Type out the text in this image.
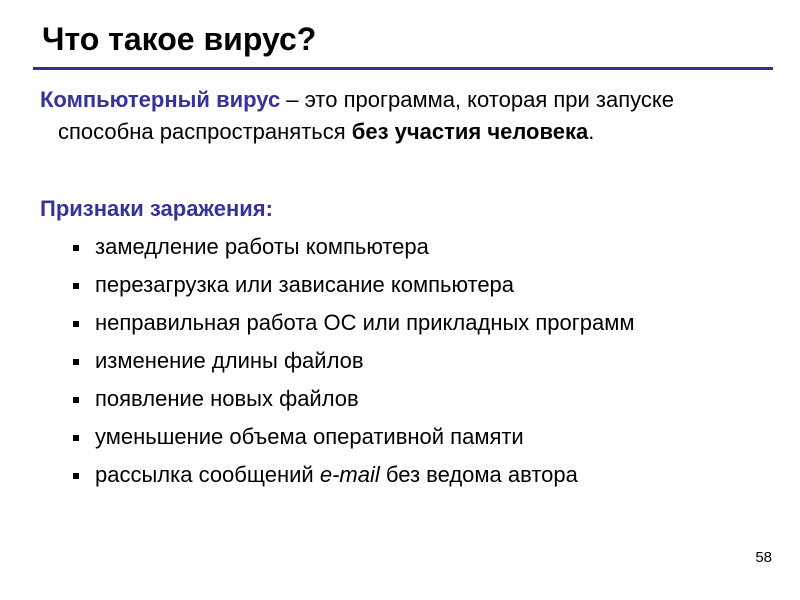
Что такое вирус?
Компьютерный вирус – это программа, которая при запуске способна распространяться без участия человека.
Признаки заражения:
замедление работы компьютера
перезагрузка или зависание компьютера
неправильная работа ОС или прикладных программ
изменение длины файлов
появление новых файлов
уменьшение объема оперативной памяти
рассылка сообщений e-mail без ведома автора
58
